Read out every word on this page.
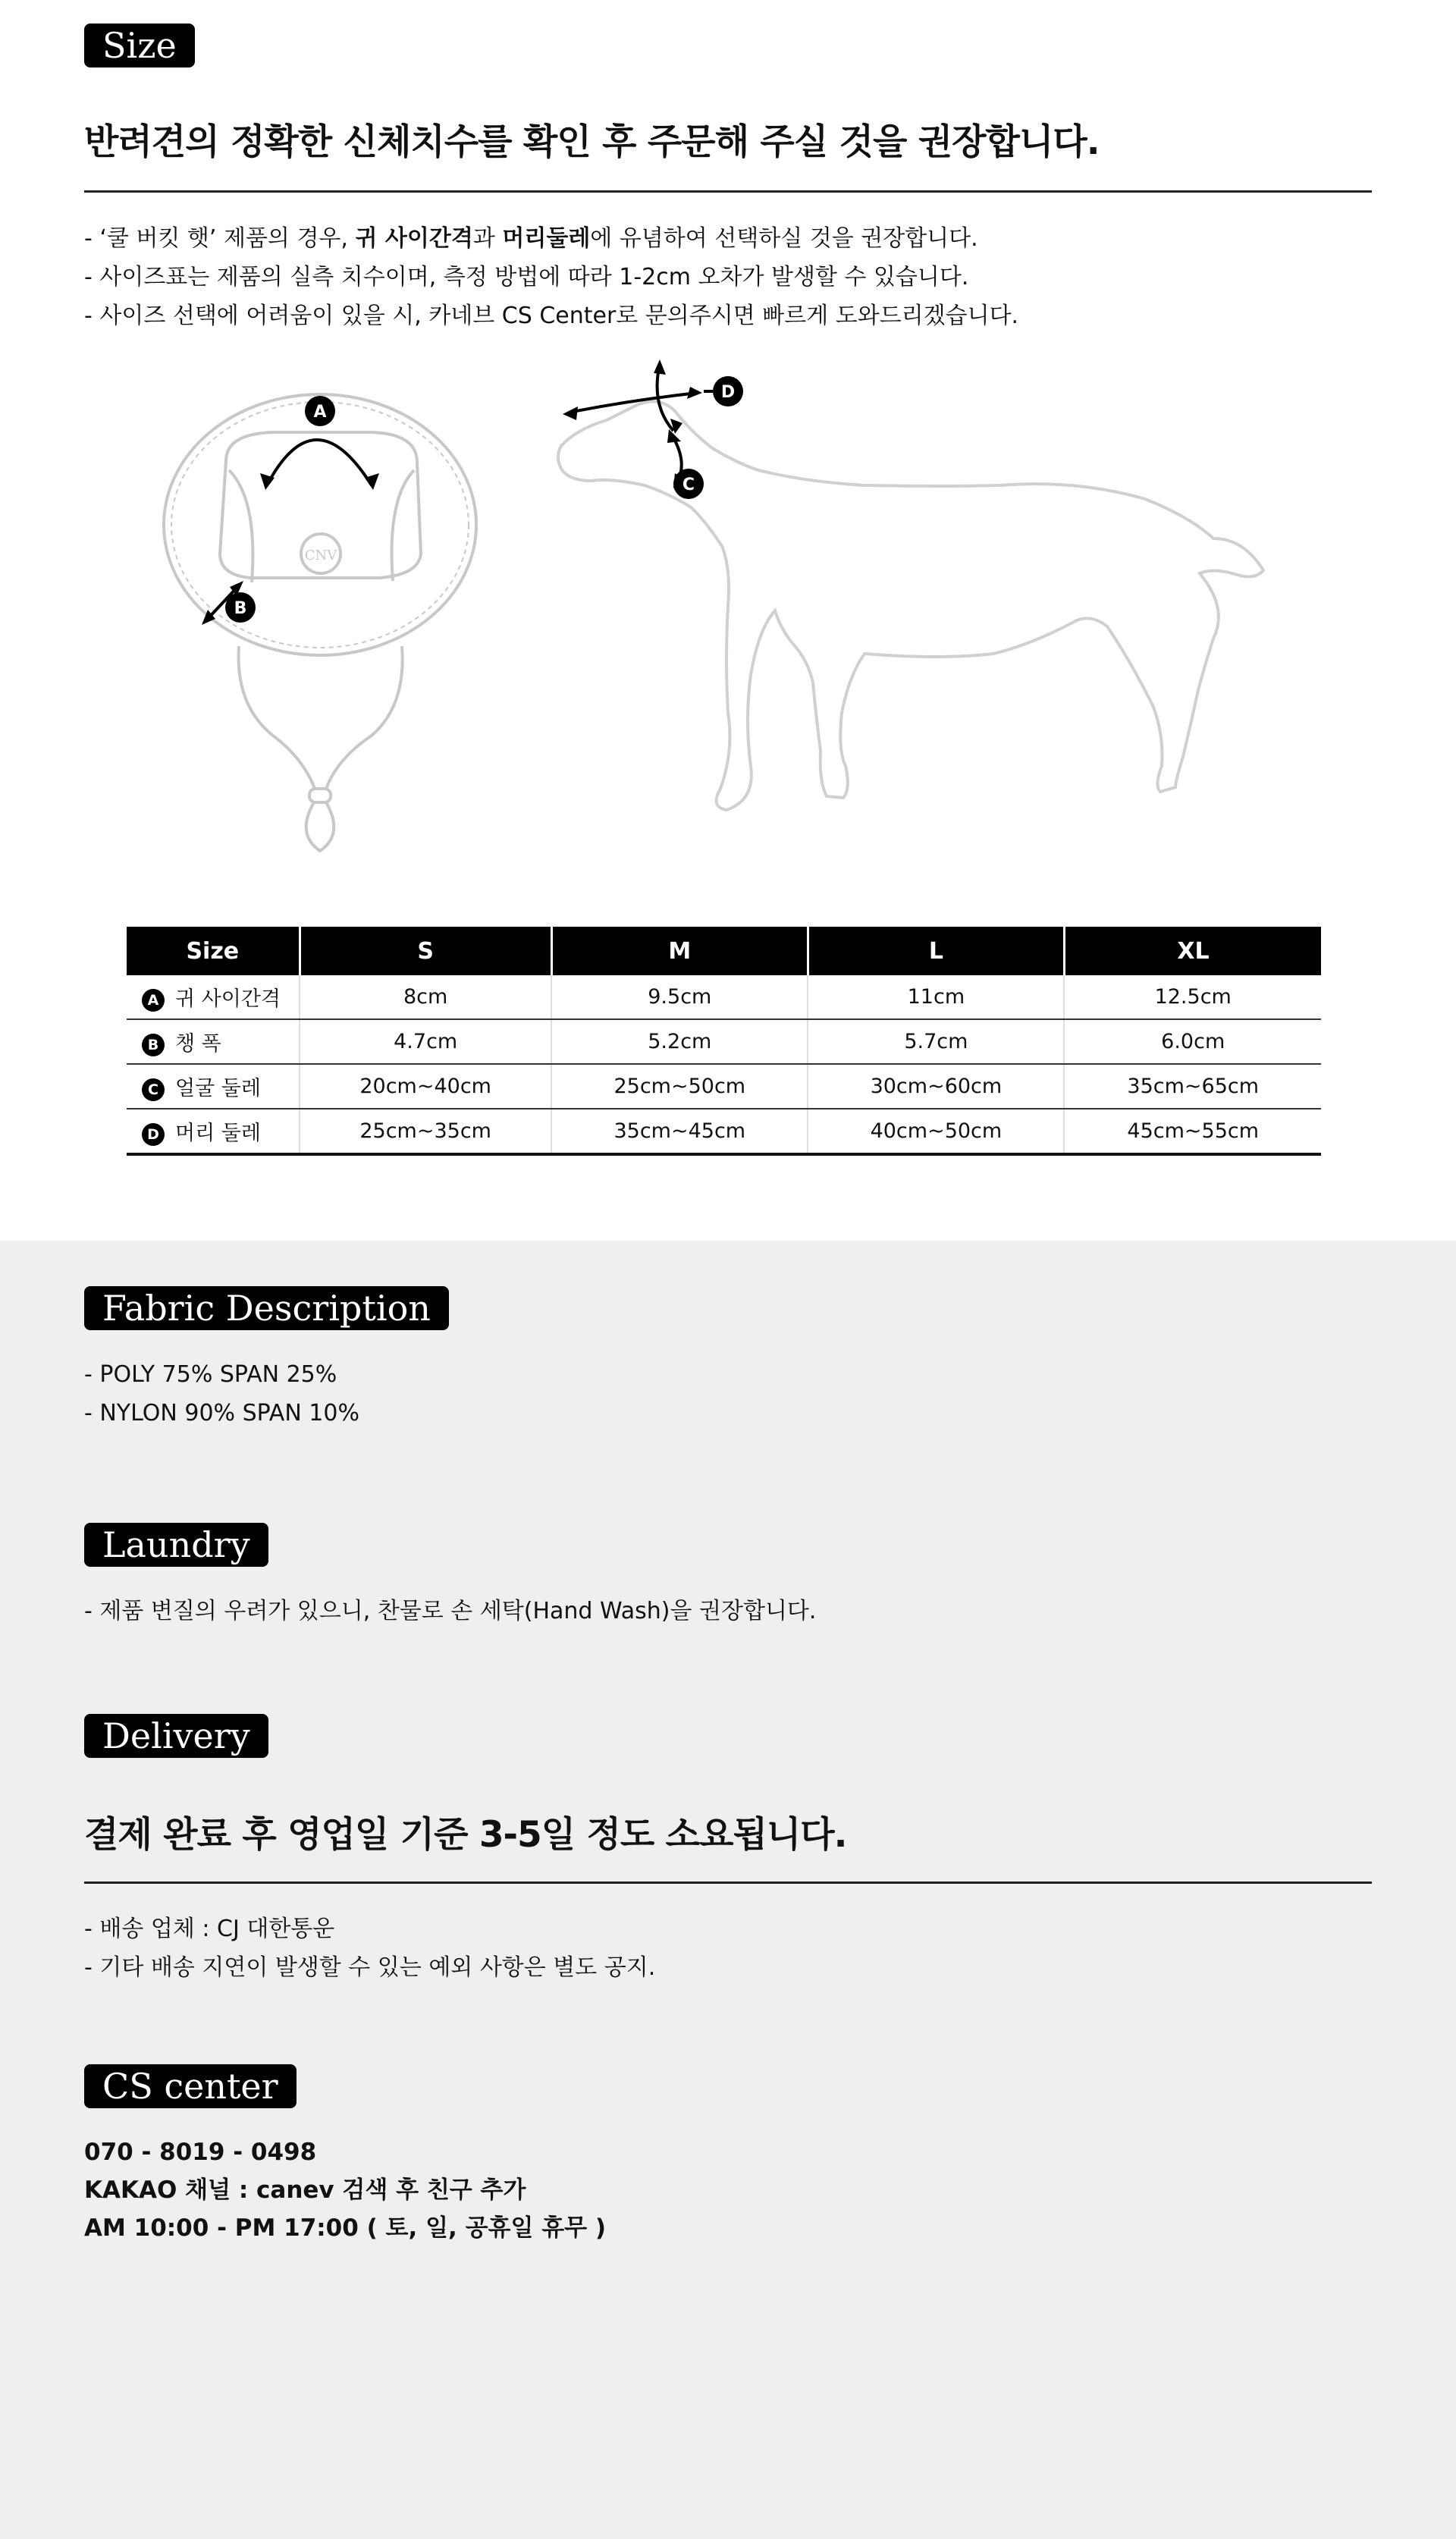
Size
반려견의 정확한 신체치수를 확인 후 주문해 주실 것을 권장합니다.
- ‘쿨 버킷 햇’ 제품의 경우, 귀 사이간격과 머리둘레에 유념하여 선택하실 것을 권장합니다.
- 사이즈표는 제품의 실측 치수이며, 측정 방법에 따라 1-2cm 오차가 발생할 수 있습니다.
- 사이즈 선택에 어려움이 있을 시, 카네브 CS Center로 문의주시면 빠르게 도와드리겠습니다.
CNV
A
B
D
C
Size	S	M	L	XL
A 귀 사이간격	8cm	9.5cm	11cm	12.5cm
B 챙 폭	4.7cm	5.2cm	5.7cm	6.0cm
C 얼굴 둘레	20cm~40cm	25cm~50cm	30cm~60cm	35cm~65cm
D 머리 둘레	25cm~35cm	35cm~45cm	40cm~50cm	45cm~55cm
Fabric Description
- POLY 75% SPAN 25%
- NYLON 90% SPAN 10%
Laundry
- 제품 변질의 우려가 있으니, 찬물로 손 세탁(Hand Wash)을 권장합니다.
Delivery
결제 완료 후 영업일 기준 3-5일 정도 소요됩니다.
- 배송 업체 : CJ 대한통운
- 기타 배송 지연이 발생할 수 있는 예외 사항은 별도 공지.
CS center
070 - 8019 - 0498
KAKAO 채널 : canev 검색 후 친구 추가
AM 10:00 - PM 17:00 ( 토, 일, 공휴일 휴무 )
